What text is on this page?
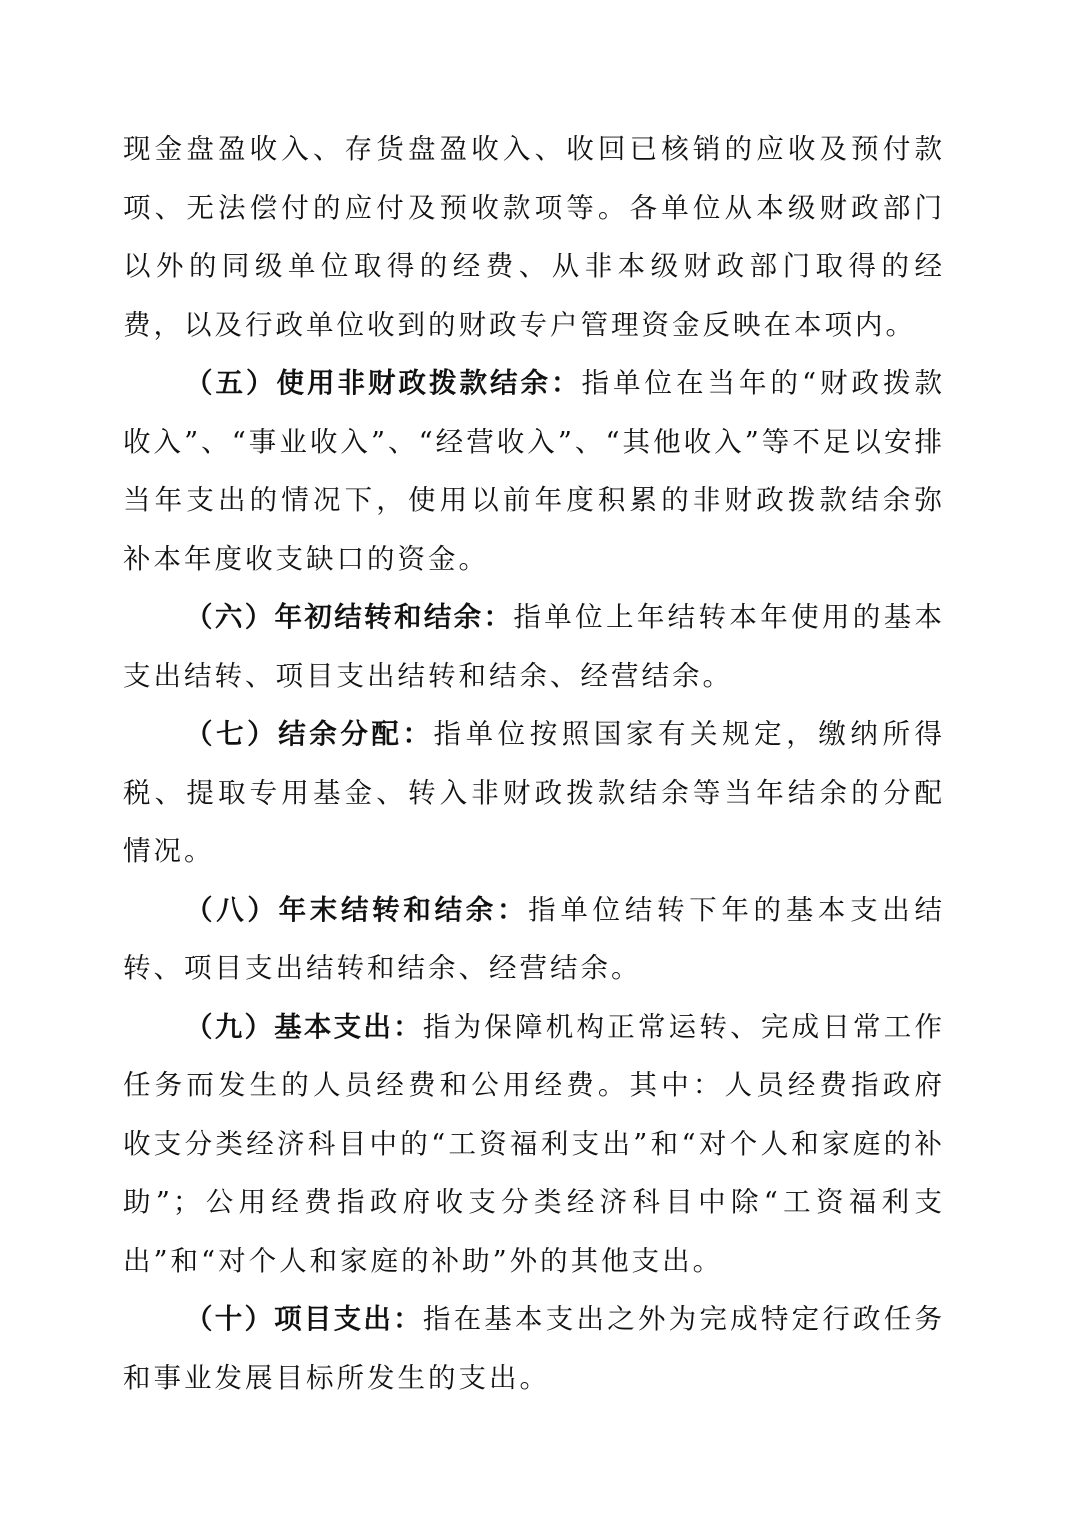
现金盘盈收入、存货盘盈收入、收回已核销的应收及预付款项、无法偿付的应付及预收款项等。各单位从本级财政部门以外的同级单位取得的经费、从非本级财政部门取得的经费，以及行政单位收到的财政专户管理资金反映在本项内。

（五）使用非财政拨款结余：指单位在当年的“财政拨款收入”、“事业收入”、“经营收入”、“其他收入”等不足以安排当年支出的情况下，使用以前年度积累的非财政拨款结余弥补本年度收支缺口的资金。

（六）年初结转和结余：指单位上年结转本年使用的基本支出结转、项目支出结转和结余、经营结余。

（七）结余分配：指单位按照国家有关规定，缴纳所得税、提取专用基金、转入非财政拨款结余等当年结余的分配情况。

（八）年末结转和结余：指单位结转下年的基本支出结转、项目支出结转和结余、经营结余。

（九）基本支出：指为保障机构正常运转、完成日常工作任务而发生的人员经费和公用经费。其中：人员经费指政府收支分类经济科目中的“工资福利支出”和“对个人和家庭的补助”；公用经费指政府收支分类经济科目中除“工资福利支出”和“对个人和家庭的补助”外的其他支出。

（十）项目支出：指在基本支出之外为完成特定行政任务和事业发展目标所发生的支出。
